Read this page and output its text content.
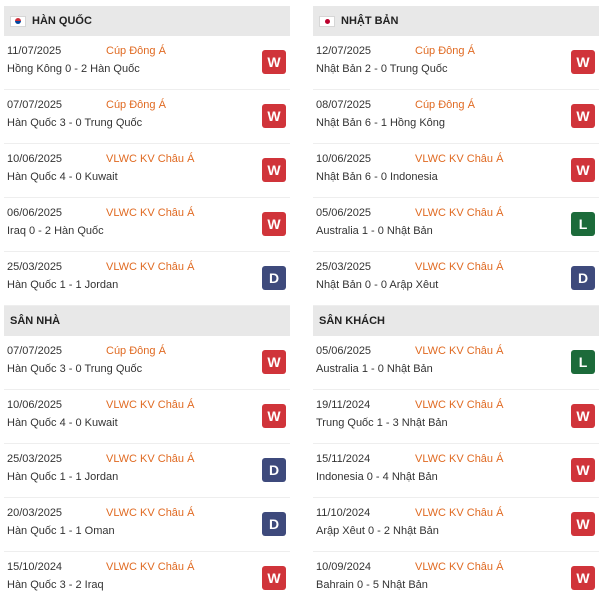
HÀN QUỐC
11/07/2025	Cúp Đông Á
Hồng Kông 0 - 2 Hàn Quốc	W
07/07/2025	Cúp Đông Á
Hàn Quốc 3 - 0 Trung Quốc	W
10/06/2025	VLWC KV Châu Á
Hàn Quốc 4 - 0 Kuwait	W
06/06/2025	VLWC KV Châu Á
Iraq 0 - 2 Hàn Quốc	W
25/03/2025	VLWC KV Châu Á
Hàn Quốc 1 - 1 Jordan	D
SÂN NHÀ
07/07/2025	Cúp Đông Á
Hàn Quốc 3 - 0 Trung Quốc	W
10/06/2025	VLWC KV Châu Á
Hàn Quốc 4 - 0 Kuwait	W
25/03/2025	VLWC KV Châu Á
Hàn Quốc 1 - 1 Jordan	D
20/03/2025	VLWC KV Châu Á
Hàn Quốc 1 - 1 Oman	D
15/10/2024	VLWC KV Châu Á
Hàn Quốc 3 - 2 Iraq	W
NHẬT BẢN
12/07/2025	Cúp Đông Á
Nhật Bản 2 - 0 Trung Quốc	W
08/07/2025	Cúp Đông Á
Nhật Bản 6 - 1 Hồng Kông	W
10/06/2025	VLWC KV Châu Á
Nhật Bản 6 - 0 Indonesia	W
05/06/2025	VLWC KV Châu Á
Australia 1 - 0 Nhật Bản	L
25/03/2025	VLWC KV Châu Á
Nhật Bản 0 - 0 Arập Xêut	D
SÂN KHÁCH
05/06/2025	VLWC KV Châu Á
Australia 1 - 0 Nhật Bản	L
19/11/2024	VLWC KV Châu Á
Trung Quốc 1 - 3 Nhật Bản	W
15/11/2024	VLWC KV Châu Á
Indonesia 0 - 4 Nhật Bản	W
11/10/2024	VLWC KV Châu Á
Arập Xêut 0 - 2 Nhật Bản	W
10/09/2024	VLWC KV Châu Á
Bahrain 0 - 5 Nhật Bản	W
